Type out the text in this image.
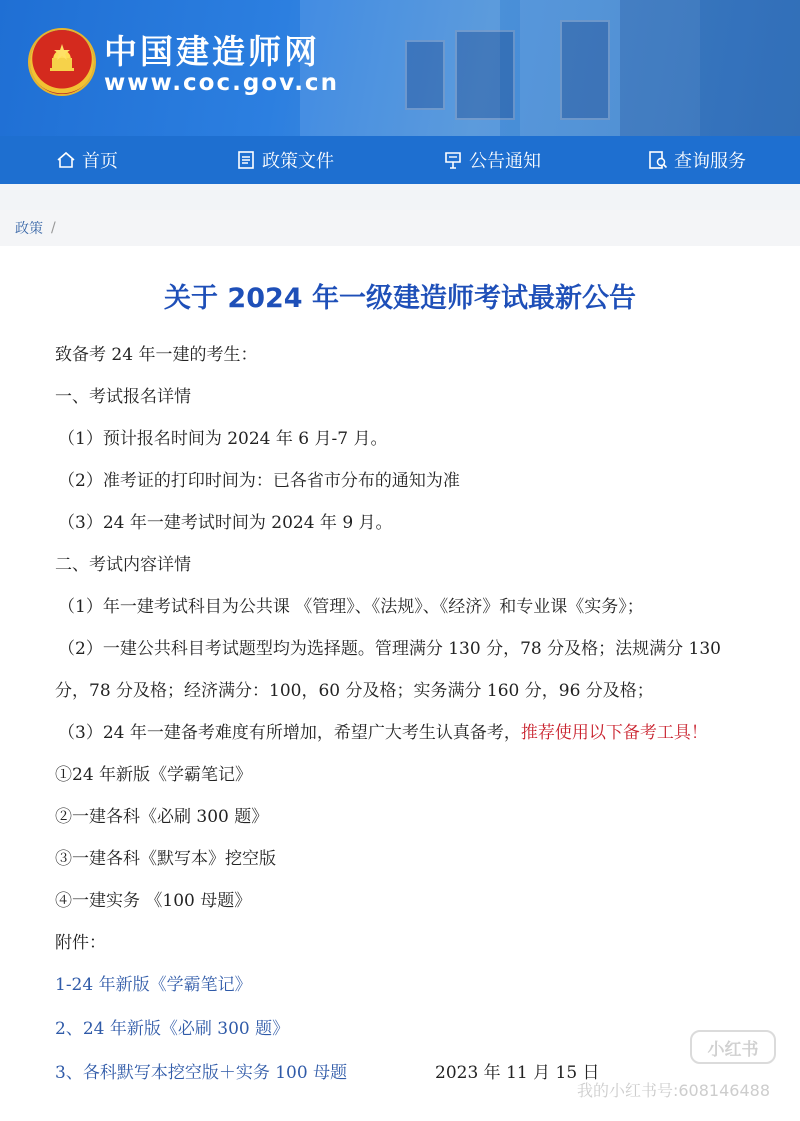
中国建造师网
www.coc.gov.cn
首页	政策文件	公告通知	查询服务
政策 /
关于 2024 年一级建造师考试最新公告
致备考 24 年一建的考生：
一、考试报名详情
（1）预计报名时间为 2024 年 6 月-7 月。
（2）准考证的打印时间为：已各省市分布的通知为准
（3）24 年一建考试时间为 2024 年 9 月。
二、考试内容详情
（1）年一建考试科目为公共课 《管理》、《法规》、《经济》和专业课《实务》；
（2）一建公共科目考试题型均为选择题。管理满分 130 分，78 分及格；法规满分 130
分，78 分及格；经济满分：100，60 分及格；实务满分 160 分，96 分及格；
（3）24 年一建备考难度有所增加，希望广大考生认真备考，推荐使用以下备考工具！
①24 年新版《学霸笔记》
②一建各科《必刷 300 题》
③一建各科《默写本》挖空版
④一建实务 《100 母题》
附件：
1-24 年新版《学霸笔记》
2、24 年新版《必刷 300 题》
3、各科默写本挖空版＋实务 100 母题	2023 年 11 月 15 日
小红书
我的小红书号:608146488
